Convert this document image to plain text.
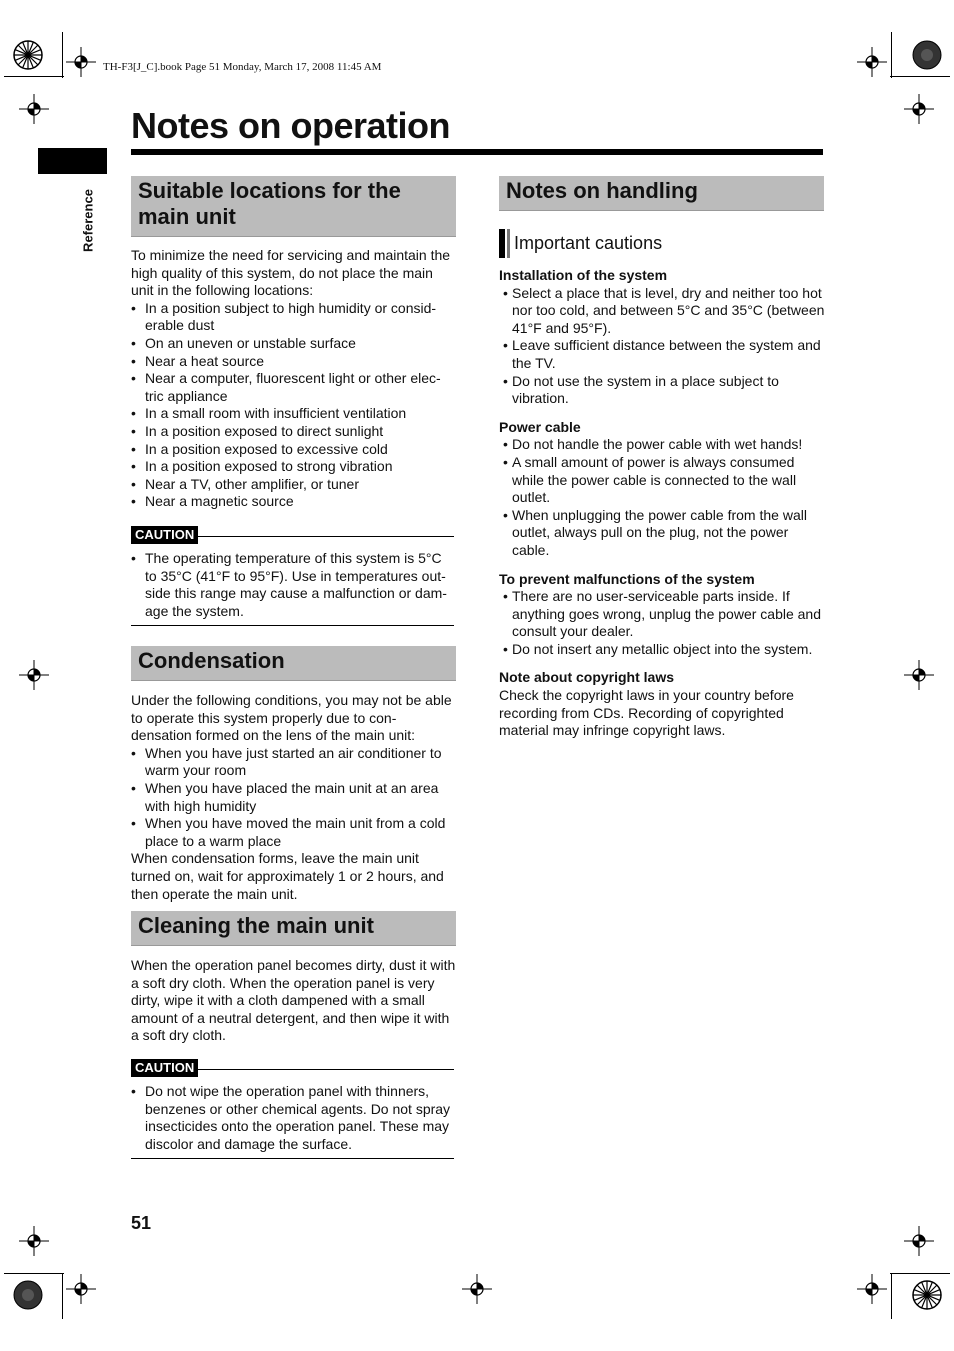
TH-F3[J_C].book Page 51 Monday, March 17, 2008 11:45 AM
Notes on operation
Reference	Suitable locations for the main unit

To minimize the need for servicing and maintain the high quality of this system, do not place the main unit in the following locations:

• In a position subject to high humidity or consid-erable dust
• On an uneven or unstable surface
• Near a heat source
• Near a computer, fluorescent light or other elec-tric appliance
• In a small room with insufficient ventilation
• In a position exposed to direct sunlight
• In a position exposed to excessive cold
• In a position exposed to strong vibration
• Near a TV, other amplifier, or tuner
• Near a magnetic source
CAUTION
• The operating temperature of this system is 5°C to 35°C (41°F to 95°F). Use in temperatures out-side this range may cause a malfunction or dam-age the system.
Condensation

Under the following conditions, you may not be able to operate this system properly due to con-densation formed on the lens of the main unit:

• When you have just started an air conditioner to warm your room
• When you have placed the main unit at an area with high humidity
• When you have moved the main unit from a cold place to a warm place

When condensation forms, leave the main unit turned on, wait for approximately 1 or 2 hours, and then operate the main unit.

Cleaning the main unit

When the operation panel becomes dirty, dust it with a soft dry cloth. When the operation panel is very dirty, wipe it with a cloth dampened with a small amount of a neutral detergent, and then wipe it with a soft dry cloth.

CAUTION
• Do not wipe the operation panel with thinners, benzenes or other chemical agents. Do not spray insecticides onto the operation panel. These may discolor and damage the surface.
Notes on handling
Important cautions

Installation of the system

• Select a place that is level, dry and neither too hot nor too cold, and between 5°C and 35°C (between 41°F and 95°F).
• Leave sufficient distance between the system and the TV.
• Do not use the system in a place subject to vibration.

Power cable

• Do not handle the power cable with wet hands!
• A small amount of power is always consumed while the power cable is connected to the wall outlet.
• When unplugging the power cable from the wall outlet, always pull on the plug, not the power cable.

To prevent malfunctions of the system

• There are no user-serviceable parts inside. If anything goes wrong, unplug the power cable and consult your dealer.
• Do not insert any metallic object into the system.

Note about copyright laws

Check the copyright laws in your country before recording from CDs. Recording of copyrighted material may infringe copyright laws.

51
